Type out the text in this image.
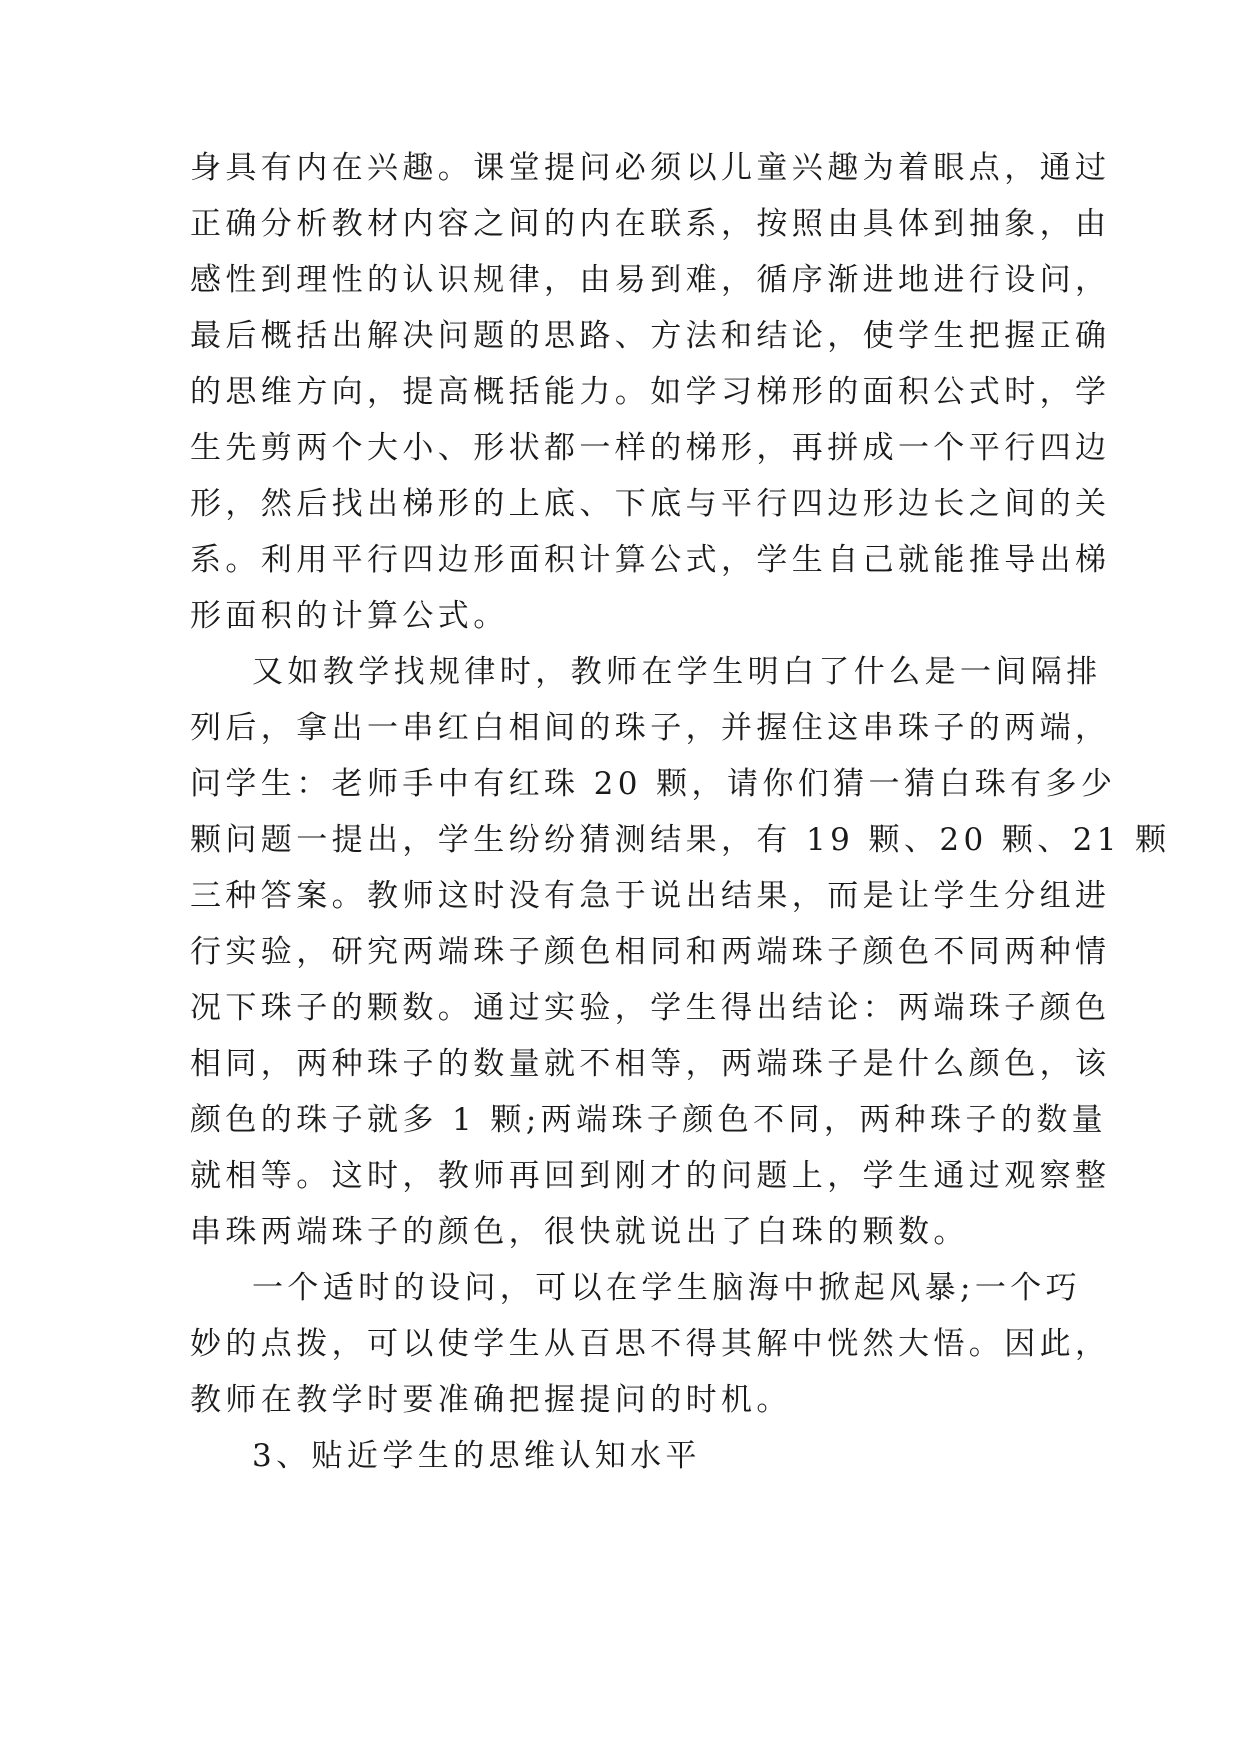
身具有内在兴趣。课堂提问必须以儿童兴趣为着眼点，通过
正确分析教材内容之间的内在联系，按照由具体到抽象，由
感性到理性的认识规律，由易到难，循序渐进地进行设问，
最后概括出解决问题的思路、方法和结论，使学生把握正确
的思维方向，提高概括能力。如学习梯形的面积公式时，学
生先剪两个大小、形状都一样的梯形，再拼成一个平行四边
形，然后找出梯形的上底、下底与平行四边形边长之间的关
系。利用平行四边形面积计算公式，学生自己就能推导出梯
形面积的计算公式。
又如教学找规律时，教师在学生明白了什么是一间隔排
列后，拿出一串红白相间的珠子，并握住这串珠子的两端，
问学生：老师手中有红珠 20 颗，请你们猜一猜白珠有多少
颗问题一提出，学生纷纷猜测结果，有 19 颗、20 颗、21 颗
三种答案。教师这时没有急于说出结果，而是让学生分组进
行实验，研究两端珠子颜色相同和两端珠子颜色不同两种情
况下珠子的颗数。通过实验，学生得出结论：两端珠子颜色
相同，两种珠子的数量就不相等，两端珠子是什么颜色，该
颜色的珠子就多 1 颗;两端珠子颜色不同，两种珠子的数量
就相等。这时，教师再回到刚才的问题上，学生通过观察整
串珠两端珠子的颜色，很快就说出了白珠的颗数。
一个适时的设问，可以在学生脑海中掀起风暴;一个巧
妙的点拨，可以使学生从百思不得其解中恍然大悟。因此，
教师在教学时要准确把握提问的时机。
3、贴近学生的思维认知水平
